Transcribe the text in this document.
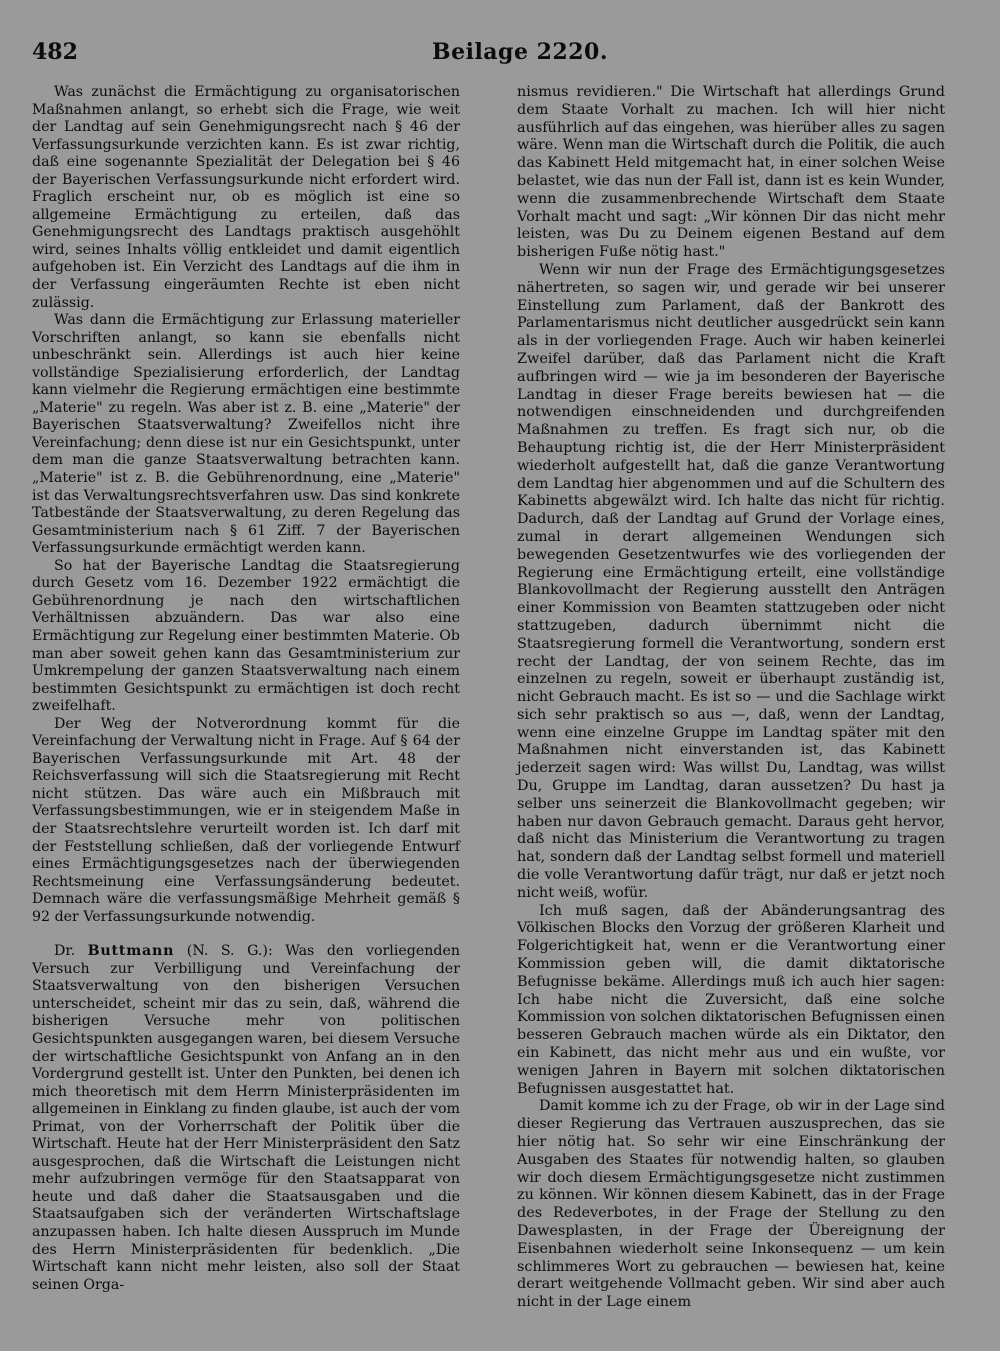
482	Beilage 2220.

Was zunächst die Ermächtigung zu organisatorischen Maßnahmen anlangt, so erhebt sich die Frage, wie weit der Landtag auf sein Genehmigungsrecht nach § 46 der Verfassungsurkunde verzichten kann. Es ist zwar richtig, daß eine sogenannte Spezialität der Delegation bei § 46 der Bayerischen Verfassungsurkunde nicht erfordert wird. Fraglich erscheint nur, ob es möglich ist eine so allgemeine Ermächtigung zu erteilen, daß das Genehmigungsrecht des Landtags praktisch ausgehöhlt wird, seines Inhalts völlig entkleidet und damit eigentlich aufgehoben ist. Ein Verzicht des Landtags auf die ihm in der Verfassung eingeräumten Rechte ist eben nicht zulässig.

Was dann die Ermächtigung zur Erlassung materieller Vorschriften anlangt, so kann sie ebenfalls nicht unbeschränkt sein. Allerdings ist auch hier keine vollständige Spezialisierung erforderlich, der Landtag kann vielmehr die Regierung ermächtigen eine bestimmte „Materie" zu regeln. Was aber ist z. B. eine „Materie" der Bayerischen Staatsverwaltung? Zweifellos nicht ihre Vereinfachung; denn diese ist nur ein Gesichtspunkt, unter dem man die ganze Staatsverwaltung betrachten kann. „Materie" ist z. B. die Gebührenordnung, eine „Materie" ist das Verwaltungsrechtsverfahren usw. Das sind konkrete Tatbestände der Staatsverwaltung, zu deren Regelung das Gesamtministerium nach § 61 Ziff. 7 der Bayerischen Verfassungsurkunde ermächtigt werden kann.

So hat der Bayerische Landtag die Staatsregierung durch Gesetz vom 16. Dezember 1922 ermächtigt die Gebührenordnung je nach den wirtschaftlichen Verhältnissen abzuändern. Das war also eine Ermächtigung zur Regelung einer bestimmten Materie. Ob man aber soweit gehen kann das Gesamtministerium zur Umkrempelung der ganzen Staatsverwaltung nach einem bestimmten Gesichtspunkt zu ermächtigen ist doch recht zweifelhaft.

Der Weg der Notverordnung kommt für die Vereinfachung der Verwaltung nicht in Frage. Auf § 64 der Bayerischen Verfassungsurkunde mit Art. 48 der Reichsverfassung will sich die Staatsregierung mit Recht nicht stützen. Das wäre auch ein Mißbrauch mit Verfassungsbestimmungen, wie er in steigendem Maße in der Staatsrechtslehre verurteilt worden ist. Ich darf mit der Feststellung schließen, daß der vorliegende Entwurf eines Ermächtigungsgesetzes nach der überwiegenden Rechtsmeinung eine Verfassungsänderung bedeutet. Demnach wäre die verfassungsmäßige Mehrheit gemäß § 92 der Verfassungsurkunde notwendig.

Dr. Buttmann (N. S. G.): Was den vorliegenden Versuch zur Verbilligung und Vereinfachung der Staatsverwaltung von den bisherigen Versuchen unterscheidet, scheint mir das zu sein, daß, während die bisherigen Versuche mehr von politischen Gesichtspunkten ausgegangen waren, bei diesem Versuche der wirtschaftliche Gesichtspunkt von Anfang an in den Vordergrund gestellt ist. Unter den Punkten, bei denen ich mich theoretisch mit dem Herrn Ministerpräsidenten im allgemeinen in Einklang zu finden glaube, ist auch der vom Primat, von der Vorherrschaft der Politik über die Wirtschaft. Heute hat der Herr Ministerpräsident den Satz ausgesprochen, daß die Wirtschaft die Leistungen nicht mehr aufzubringen vermöge für den Staatsapparat von heute und daß daher die Staatsausgaben und die Staatsaufgaben sich der veränderten Wirtschaftslage anzupassen haben. Ich halte diesen Ausspruch im Munde des Herrn Ministerpräsidenten für bedenklich. „Die Wirtschaft kann nicht mehr leisten, also soll der Staat seinen Orga-

nismus revidieren." Die Wirtschaft hat allerdings Grund dem Staate Vorhalt zu machen. Ich will hier nicht ausführlich auf das eingehen, was hierüber alles zu sagen wäre. Wenn man die Wirtschaft durch die Politik, die auch das Kabinett Held mitgemacht hat, in einer solchen Weise belastet, wie das nun der Fall ist, dann ist es kein Wunder, wenn die zusammenbrechende Wirtschaft dem Staate Vorhalt macht und sagt: „Wir können Dir das nicht mehr leisten, was Du zu Deinem eigenen Bestand auf dem bisherigen Fuße nötig hast."

Wenn wir nun der Frage des Ermächtigungsgesetzes nähertreten, so sagen wir, und gerade wir bei unserer Einstellung zum Parlament, daß der Bankrott des Parlamentarismus nicht deutlicher ausgedrückt sein kann als in der vorliegenden Frage. Auch wir haben keinerlei Zweifel darüber, daß das Parlament nicht die Kraft aufbringen wird — wie ja im besonderen der Bayerische Landtag in dieser Frage bereits bewiesen hat — die notwendigen einschneidenden und durchgreifenden Maßnahmen zu treffen. Es fragt sich nur, ob die Behauptung richtig ist, die der Herr Ministerpräsident wiederholt aufgestellt hat, daß die ganze Verantwortung dem Landtag hier abgenommen und auf die Schultern des Kabinetts abgewälzt wird. Ich halte das nicht für richtig. Dadurch, daß der Landtag auf Grund der Vorlage eines, zumal in derart allgemeinen Wendungen sich bewegenden Gesetzentwurfes wie des vorliegenden der Regierung eine Ermächtigung erteilt, eine vollständige Blankovollmacht der Regierung ausstellt den Anträgen einer Kommission von Beamten stattzugeben oder nicht stattzugeben, dadurch übernimmt nicht die Staatsregierung formell die Verantwortung, sondern erst recht der Landtag, der von seinem Rechte, das im einzelnen zu regeln, soweit er überhaupt zuständig ist, nicht Gebrauch macht. Es ist so — und die Sachlage wirkt sich sehr praktisch so aus —, daß, wenn der Landtag, wenn eine einzelne Gruppe im Landtag später mit den Maßnahmen nicht einverstanden ist, das Kabinett jederzeit sagen wird: Was willst Du, Landtag, was willst Du, Gruppe im Landtag, daran aussetzen? Du hast ja selber uns seinerzeit die Blankovollmacht gegeben; wir haben nur davon Gebrauch gemacht. Daraus geht hervor, daß nicht das Ministerium die Verantwortung zu tragen hat, sondern daß der Landtag selbst formell und materiell die volle Verantwortung dafür trägt, nur daß er jetzt noch nicht weiß, wofür.

Ich muß sagen, daß der Abänderungsantrag des Völkischen Blocks den Vorzug der größeren Klarheit und Folgerichtigkeit hat, wenn er die Verantwortung einer Kommission geben will, die damit diktatorische Befugnisse bekäme. Allerdings muß ich auch hier sagen: Ich habe nicht die Zuversicht, daß eine solche Kommission von solchen diktatorischen Befugnissen einen besseren Gebrauch machen würde als ein Diktator, den ein Kabinett, das nicht mehr aus und ein wußte, vor wenigen Jahren in Bayern mit solchen diktatorischen Befugnissen ausgestattet hat.

Damit komme ich zu der Frage, ob wir in der Lage sind dieser Regierung das Vertrauen auszusprechen, das sie hier nötig hat. So sehr wir eine Einschränkung der Ausgaben des Staates für notwendig halten, so glauben wir doch diesem Ermächtigungsgesetze nicht zustimmen zu können. Wir können diesem Kabinett, das in der Frage des Redeverbotes, in der Frage der Stellung zu den Dawesplasten, in der Frage der Übereignung der Eisenbahnen wiederholt seine Inkonsequenz — um kein schlimmeres Wort zu gebrauchen — bewiesen hat, keine derart weitgehende Vollmacht geben. Wir sind aber auch nicht in der Lage einem
